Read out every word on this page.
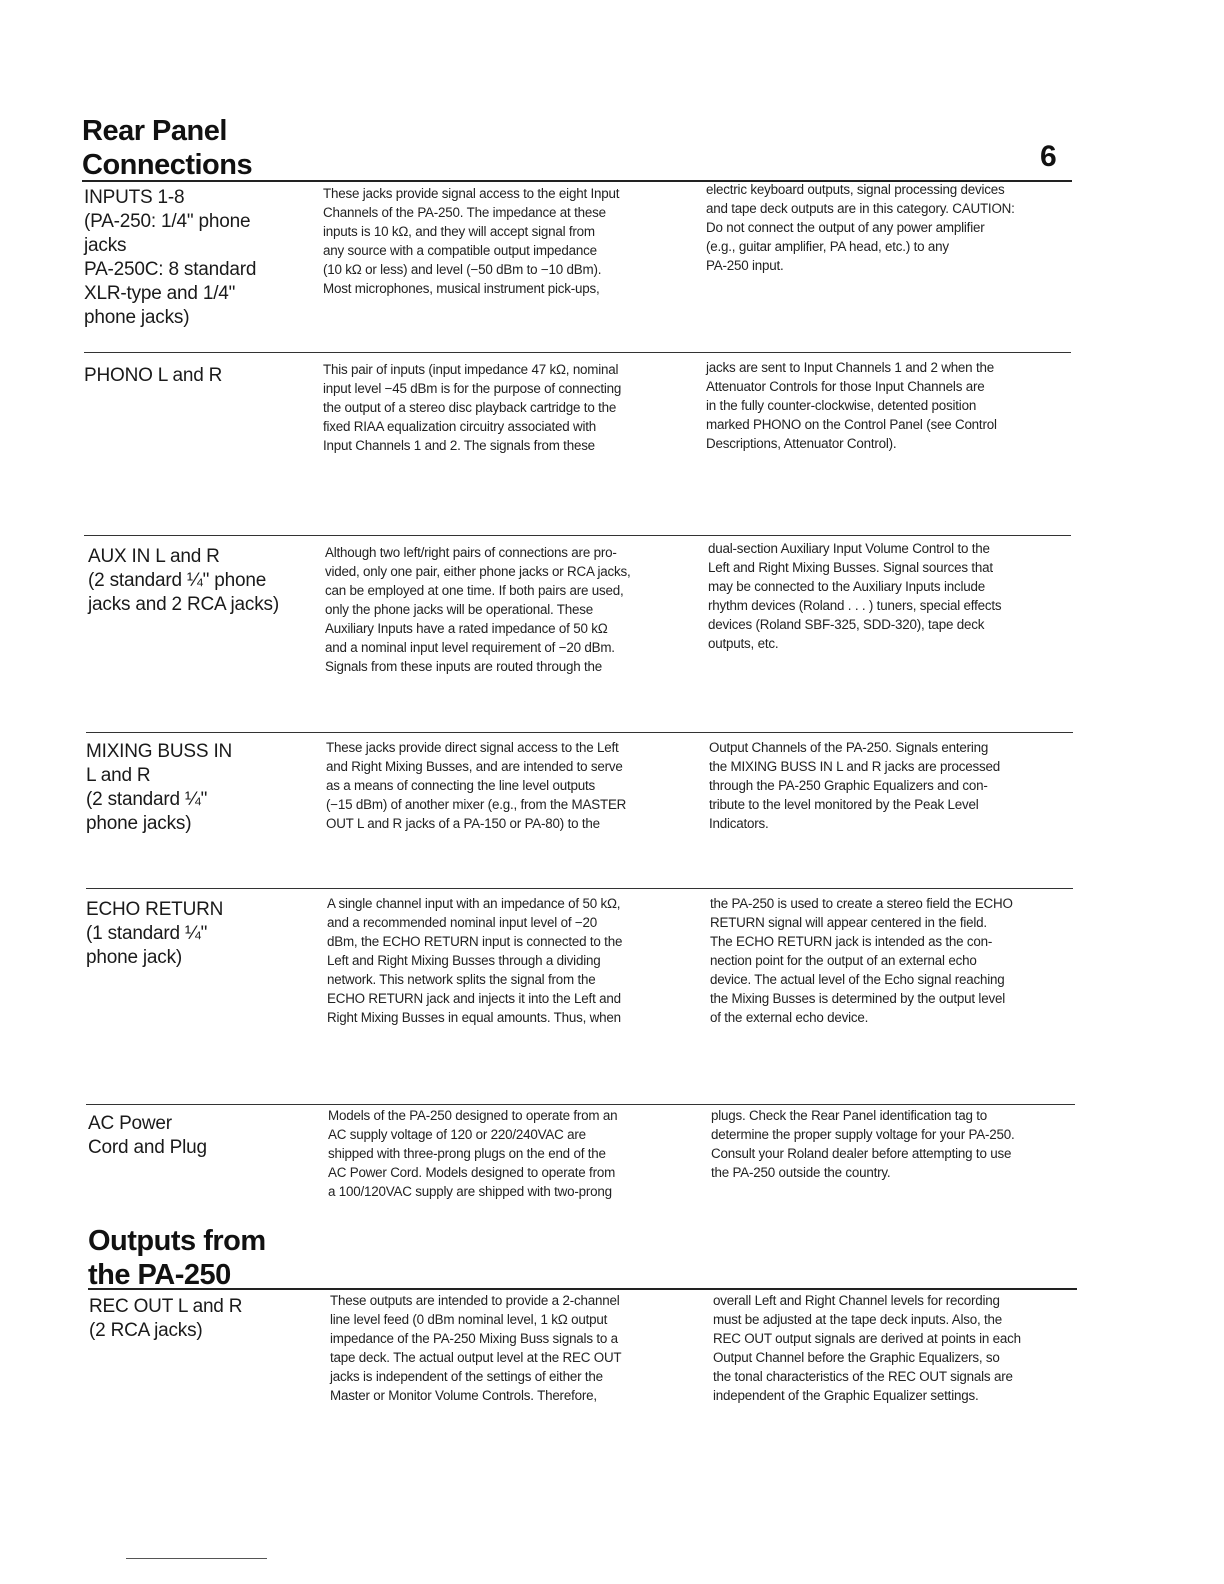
Rear Panel
Connections	6
INPUTS 1-8
(PA-250: 1/4" phone
jacks
PA-250C: 8 standard
XLR-type and 1/4"
phone jacks)

These jacks provide signal access to the eight Input
Channels of the PA-250. The impedance at these
inputs is 10 kΩ, and they will accept signal from
any source with a compatible output impedance
(10 kΩ or less) and level (−50 dBm to −10 dBm).
Most microphones, musical instrument pick-ups,

electric keyboard outputs, signal processing devices
and tape deck outputs are in this category. CAUTION:
Do not connect the output of any power amplifier
(e.g., guitar amplifier, PA head, etc.) to any
PA-250 input.

PHONO L and R	This pair of inputs (input impedance 47 kΩ, nominal
input level −45 dBm is for the purpose of connecting
the output of a stereo disc playback cartridge to the
fixed RIAA equalization circuitry associated with
Input Channels 1 and 2. The signals from these

jacks are sent to Input Channels 1 and 2 when the
Attenuator Controls for those Input Channels are
in the fully counter-clockwise, detented position
marked PHONO on the Control Panel (see Control
Descriptions, Attenuator Control).

AUX IN L and R
(2 standard ¼" phone
jacks and 2 RCA jacks)

Although two left/right pairs of connections are pro-
vided, only one pair, either phone jacks or RCA jacks,
can be employed at one time. If both pairs are used,
only the phone jacks will be operational. These
Auxiliary Inputs have a rated impedance of 50 kΩ
and a nominal input level requirement of −20 dBm.
Signals from these inputs are routed through the

dual-section Auxiliary Input Volume Control to the
Left and Right Mixing Busses. Signal sources that
may be connected to the Auxiliary Inputs include
rhythm devices (Roland . . . ) tuners, special effects
devices (Roland SBF-325, SDD-320), tape deck
outputs, etc.

MIXING BUSS IN
L and R
(2 standard ¼"
phone jacks)

These jacks provide direct signal access to the Left
and Right Mixing Busses, and are intended to serve
as a means of connecting the line level outputs
(−15 dBm) of another mixer (e.g., from the MASTER
OUT L and R jacks of a PA-150 or PA-80) to the

Output Channels of the PA-250. Signals entering
the MIXING BUSS IN L and R jacks are processed
through the PA-250 Graphic Equalizers and con-
tribute to the level monitored by the Peak Level
Indicators.

ECHO RETURN
(1 standard ¼"
phone jack)

A single channel input with an impedance of 50 kΩ,
and a recommended nominal input level of −20
dBm, the ECHO RETURN input is connected to the
Left and Right Mixing Busses through a dividing
network. This network splits the signal from the
ECHO RETURN jack and injects it into the Left and
Right Mixing Busses in equal amounts. Thus, when

the PA-250 is used to create a stereo field the ECHO
RETURN signal will appear centered in the field.
The ECHO RETURN jack is intended as the con-
nection point for the output of an external echo
device. The actual level of the Echo signal reaching
the Mixing Busses is determined by the output level
of the external echo device.

AC Power
Cord and Plug

Models of the PA-250 designed to operate from an
AC supply voltage of 120 or 220/240VAC are
shipped with three-prong plugs on the end of the
AC Power Cord. Models designed to operate from
a 100/120VAC supply are shipped with two-prong

plugs. Check the Rear Panel identification tag to
determine the proper supply voltage for your PA-250.
Consult your Roland dealer before attempting to use
the PA-250 outside the country.

Outputs from
the PA-250
REC OUT L and R
(2 RCA jacks)

These outputs are intended to provide a 2-channel
line level feed (0 dBm nominal level, 1 kΩ output
impedance of the PA-250 Mixing Buss signals to a
tape deck. The actual output level at the REC OUT
jacks is independent of the settings of either the
Master or Monitor Volume Controls. Therefore,

overall Left and Right Channel levels for recording
must be adjusted at the tape deck inputs. Also, the
REC OUT output signals are derived at points in each
Output Channel before the Graphic Equalizers, so
the tonal characteristics of the REC OUT signals are
independent of the Graphic Equalizer settings.
